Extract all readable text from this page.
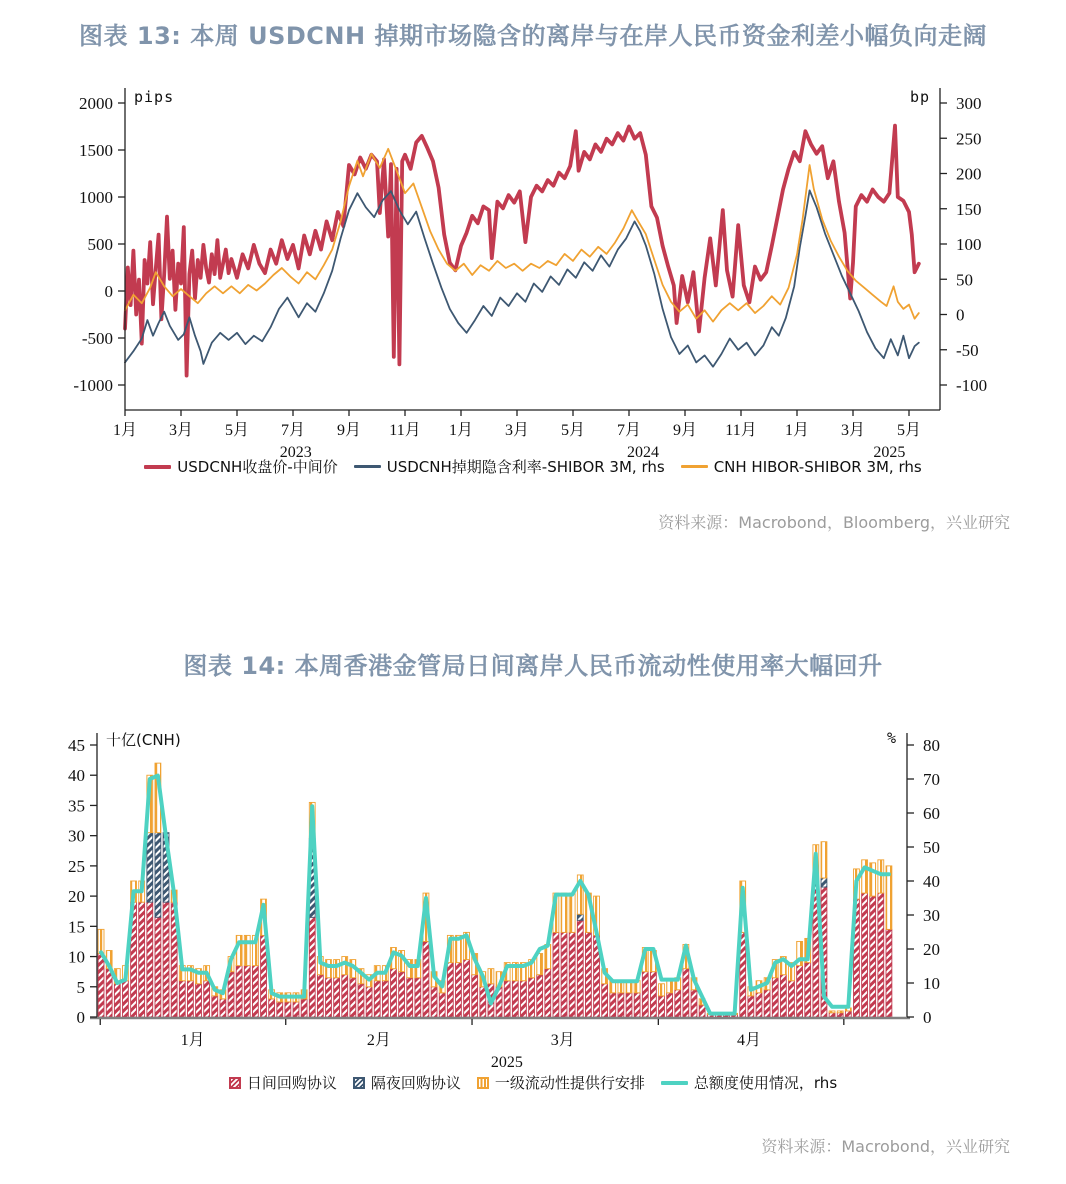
图表 13: 本周 USDCNH 掉期市场隐含的离岸与在岸人民币资金利差小幅负向走阔
pips	bp
2000
1500
1000
500
0
-500
-1000
300
250
200
150
100
50
0
-50
-100
1月 3月 5月 7月 9月 11月 1月 3月 5月 7月 9月 11月 1月 3月 5月
2023	2024	2025
USDCNH收盘价-中间价	USDCNH掉期隐含利率-SHIBOR 3M, rhs	CNH HIBOR-SHIBOR 3M, rhs
资料来源：Macrobond，Bloomberg，兴业研究
图表 14: 本周香港金管局日间离岸人民币流动性使用率大幅回升
十亿(CNH)	%
45
40
35
30
25
20
15
10
5
0
80
70
60
50
40
30
20
10
0
1月	2月	3月	4月
2025
日间回购协议 隔夜回购协议 一级流动性提供行安排	总额度使用情况，rhs
资料来源：Macrobond，兴业研究
